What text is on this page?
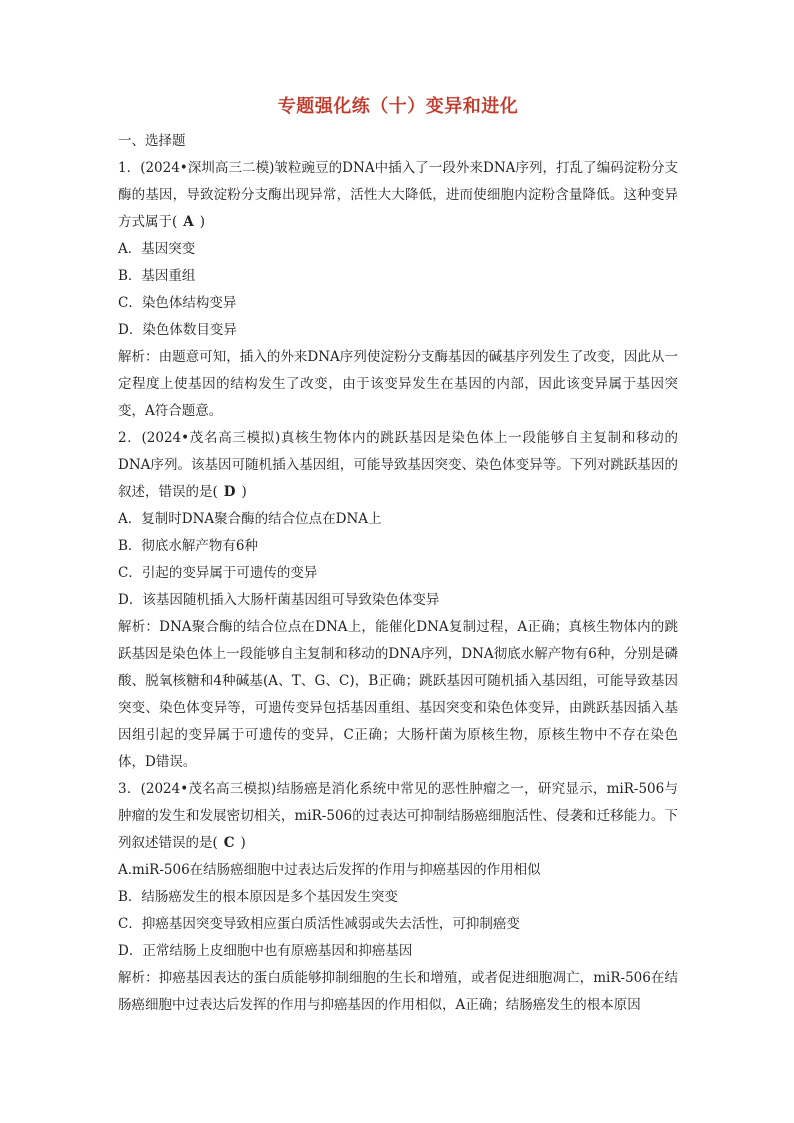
专题强化练（十）变异和进化

一、选择题

1．(2024•深圳高三二模)皱粒豌豆的DNA中插入了一段外来DNA序列，打乱了编码淀粉分支酶的基因，导致淀粉分支酶出现异常，活性大大降低，进而使细胞内淀粉含量降低。这种变异方式属于( A )

A．基因突变

B．基因重组

C．染色体结构变异

D．染色体数目变异

解析：由题意可知，插入的外来DNA序列使淀粉分支酶基因的碱基序列发生了改变，因此从一定程度上使基因的结构发生了改变，由于该变异发生在基因的内部，因此该变异属于基因突变，A符合题意。

2．(2024•茂名高三模拟)真核生物体内的跳跃基因是染色体上一段能够自主复制和移动的DNA序列。该基因可随机插入基因组，可能导致基因突变、染色体变异等。下列对跳跃基因的叙述，错误的是( D )

A．复制时DNA聚合酶的结合位点在DNA上

B．彻底水解产物有6种

C．引起的变异属于可遗传的变异

D．该基因随机插入大肠杆菌基因组可导致染色体变异

解析：DNA聚合酶的结合位点在DNA上，能催化DNA复制过程，A正确；真核生物体内的跳跃基因是染色体上一段能够自主复制和移动的DNA序列，DNA彻底水解产物有6种，分别是磷酸、脱氧核糖和4种碱基(A、T、G、C)，B正确；跳跃基因可随机插入基因组，可能导致基因突变、染色体变异等，可遗传变异包括基因重组、基因突变和染色体变异，由跳跃基因插入基因组引起的变异属于可遗传的变异，C正确；大肠杆菌为原核生物，原核生物中不存在染色体，D错误。

3．(2024•茂名高三模拟)结肠癌是消化系统中常见的恶性肿瘤之一，研究显示，miR-506与肿瘤的发生和发展密切相关，miR-506的过表达可抑制结肠癌细胞活性、侵袭和迁移能力。下列叙述错误的是( C )

A.miR-506在结肠癌细胞中过表达后发挥的作用与抑癌基因的作用相似

B．结肠癌发生的根本原因是多个基因发生突变

C．抑癌基因突变导致相应蛋白质活性减弱或失去活性，可抑制癌变

D．正常结肠上皮细胞中也有原癌基因和抑癌基因

解析：抑癌基因表达的蛋白质能够抑制细胞的生长和增殖，或者促进细胞凋亡，miR-506在结肠癌细胞中过表达后发挥的作用与抑癌基因的作用相似，A正确；结肠癌发生的根本原因
